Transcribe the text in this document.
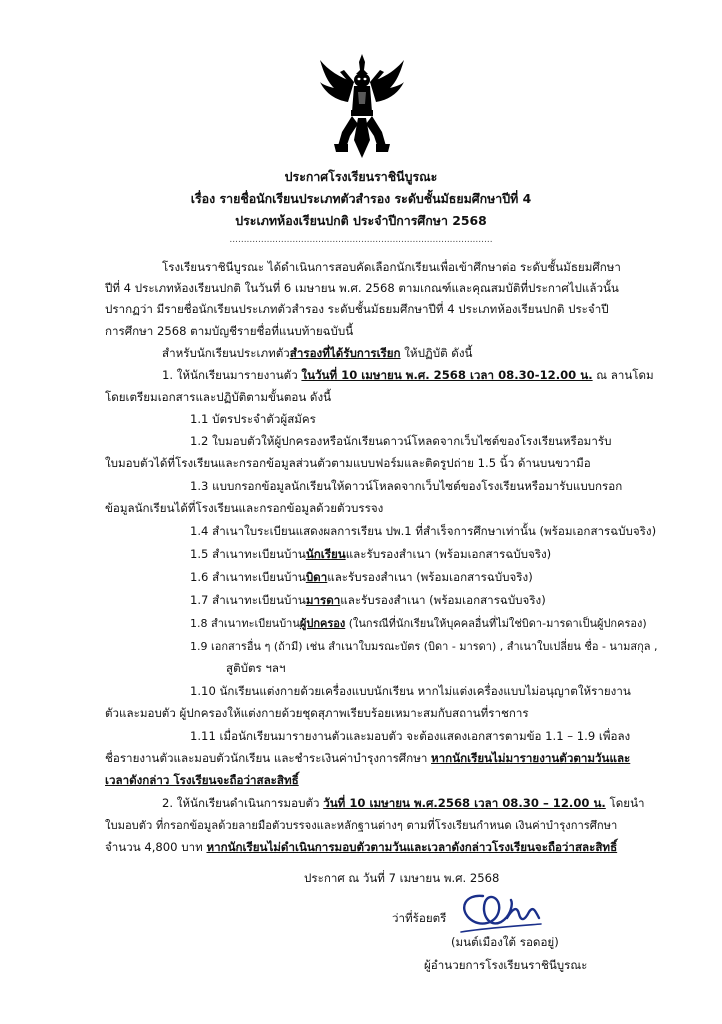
ประกาศโรงเรียนราชินีบูรณะ
เรื่อง รายชื่อนักเรียนประเภทตัวสำรอง ระดับชั้นมัธยมศึกษาปีที่ 4
ประเภทห้องเรียนปกติ ประจำปีการศึกษา 2568
............................................................................................
โรงเรียนราชินีบูรณะ ได้ดำเนินการสอบคัดเลือกนักเรียนเพื่อเข้าศึกษาต่อ ระดับชั้นมัธยมศึกษา
ปีที่ 4 ประเภทห้องเรียนปกติ ในวันที่ 6 เมษายน พ.ศ. 2568 ตามเกณฑ์และคุณสมบัติที่ประกาศไปแล้วนั้น
ปรากฏว่า มีรายชื่อนักเรียนประเภทตัวสำรอง ระดับชั้นมัธยมศึกษาปีที่ 4 ประเภทห้องเรียนปกติ ประจำปี
การศึกษา 2568 ตามบัญชีรายชื่อที่แนบท้ายฉบับนี้
สำหรับนักเรียนประเภทตัวสำรองที่ได้รับการเรียก ให้ปฏิบัติ ดังนี้
1. ให้นักเรียนมารายงานตัว ในวันที่ 10 เมษายน พ.ศ. 2568 เวลา 08.30-12.00 น. ณ ลานโดม
โดยเตรียมเอกสารและปฏิบัติตามขั้นตอน ดังนี้
1.1 บัตรประจำตัวผู้สมัคร
1.2 ใบมอบตัวให้ผู้ปกครองหรือนักเรียนดาวน์โหลดจากเว็บไซต์ของโรงเรียนหรือมารับ
ใบมอบตัวได้ที่โรงเรียนและกรอกข้อมูลส่วนตัวตามแบบฟอร์มและติดรูปถ่าย 1.5 นิ้ว ด้านบนขวามือ
1.3 แบบกรอกข้อมูลนักเรียนให้ดาวน์โหลดจากเว็บไซต์ของโรงเรียนหรือมารับแบบกรอก
ข้อมูลนักเรียนได้ที่โรงเรียนและกรอกข้อมูลด้วยตัวบรรจง
1.4 สำเนาใบระเบียนแสดงผลการเรียน ปพ.1 ที่สำเร็จการศึกษาเท่านั้น (พร้อมเอกสารฉบับจริง)
1.5 สำเนาทะเบียนบ้านนักเรียนและรับรองสำเนา (พร้อมเอกสารฉบับจริง)
1.6 สำเนาทะเบียนบ้านบิดาและรับรองสำเนา (พร้อมเอกสารฉบับจริง)
1.7 สำเนาทะเบียนบ้านมารดาและรับรองสำเนา (พร้อมเอกสารฉบับจริง)
1.8 สำเนาทะเบียนบ้านผู้ปกครอง (ในกรณีที่นักเรียนให้บุคคลอื่นที่ไม่ใช่บิดา-มารดาเป็นผู้ปกครอง)
1.9 เอกสารอื่น ๆ (ถ้ามี) เช่น สำเนาใบมรณะบัตร (บิดา - มารดา) , สำเนาใบเปลี่ยน ชื่อ - นามสกุล ,
สูติบัตร ฯลฯ
1.10 นักเรียนแต่งกายด้วยเครื่องแบบนักเรียน หากไม่แต่งเครื่องแบบไม่อนุญาตให้รายงาน
ตัวและมอบตัว ผู้ปกครองให้แต่งกายด้วยชุดสุภาพเรียบร้อยเหมาะสมกับสถานที่ราชการ
1.11 เมื่อนักเรียนมารายงานตัวและมอบตัว จะต้องแสดงเอกสารตามข้อ 1.1 – 1.9 เพื่อลง
ชื่อรายงานตัวและมอบตัวนักเรียน และชำระเงินค่าบำรุงการศึกษา หากนักเรียนไม่มารายงานตัวตามวันและ
เวลาดังกล่าว โรงเรียนจะถือว่าสละสิทธิ์
2. ให้นักเรียนดำเนินการมอบตัว วันที่ 10 เมษายน พ.ศ.2568 เวลา 08.30 – 12.00 น. โดยนำ
ใบมอบตัว ที่กรอกข้อมูลด้วยลายมือตัวบรรจงและหลักฐานต่างๆ ตามที่โรงเรียนกำหนด เงินค่าบำรุงการศึกษา
จำนวน 4,800 บาท หากนักเรียนไม่ดำเนินการมอบตัวตามวันและเวลาดังกล่าวโรงเรียนจะถือว่าสละสิทธิ์
ประกาศ ณ วันที่ 7 เมษายน พ.ศ. 2568
ว่าที่ร้อยตรี
(มนต์เมืองใต้ รอดอยู่)
ผู้อำนวยการโรงเรียนราชินีบูรณะ
